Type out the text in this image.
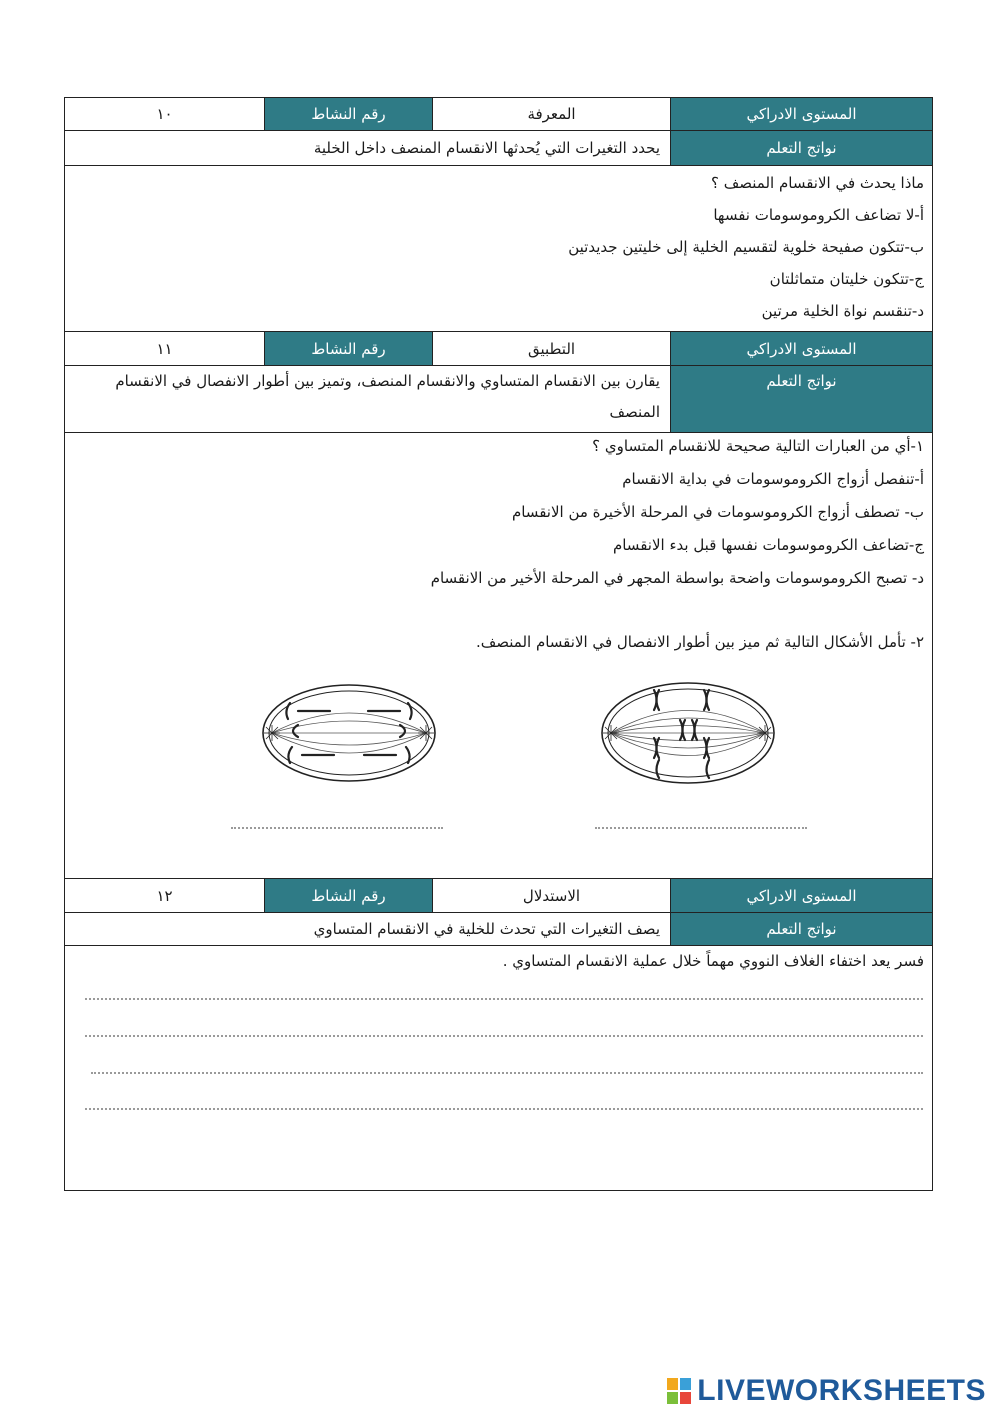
المستوى الادراكي
المعرفة
رقم النشاط
١٠
نواتج التعلم
يحدد التغيرات التي يُحدثها الانقسام المنصف داخل الخلية
ماذا يحدث في الانقسام المنصف ؟
أ-لا تضاعف الكروموسومات نفسها
ب-تتكون صفيحة خلوية لتقسيم الخلية إلى خليتين جديدتين
ج-تتكون خليتان متماثلتان
د-تنقسم نواة الخلية مرتين
المستوى الادراكي
التطبيق
رقم النشاط
١١
نواتج التعلم
يقارن بين الانقسام المتساوي والانقسام المنصف، وتميز بين أطوار الانفصال في الانقسام المنصف
١-أي من العبارات التالية صحيحة للانقسام المتساوي ؟
أ-تنفصل أزواج الكروموسومات في بداية الانقسام
ب- تصطف أزواج الكروموسومات في المرحلة الأخيرة من الانقسام
ج-تضاعف الكروموسومات نفسها قبل بدء الانقسام
د- تصبح الكروموسومات واضحة بواسطة المجهر في المرحلة الأخير من الانقسام
٢- تأمل الأشكال التالية ثم ميز بين أطوار الانفصال في الانقسام المنصف.
المستوى الادراكي
الاستدلال
رقم النشاط
١٢
نواتج التعلم
يصف التغيرات التي تحدث للخلية في الانقسام المتساوي
فسر يعد اختفاء الغلاف النووي مهماً خلال عملية الانقسام المتساوي .
LIVEWORKSHEETS
